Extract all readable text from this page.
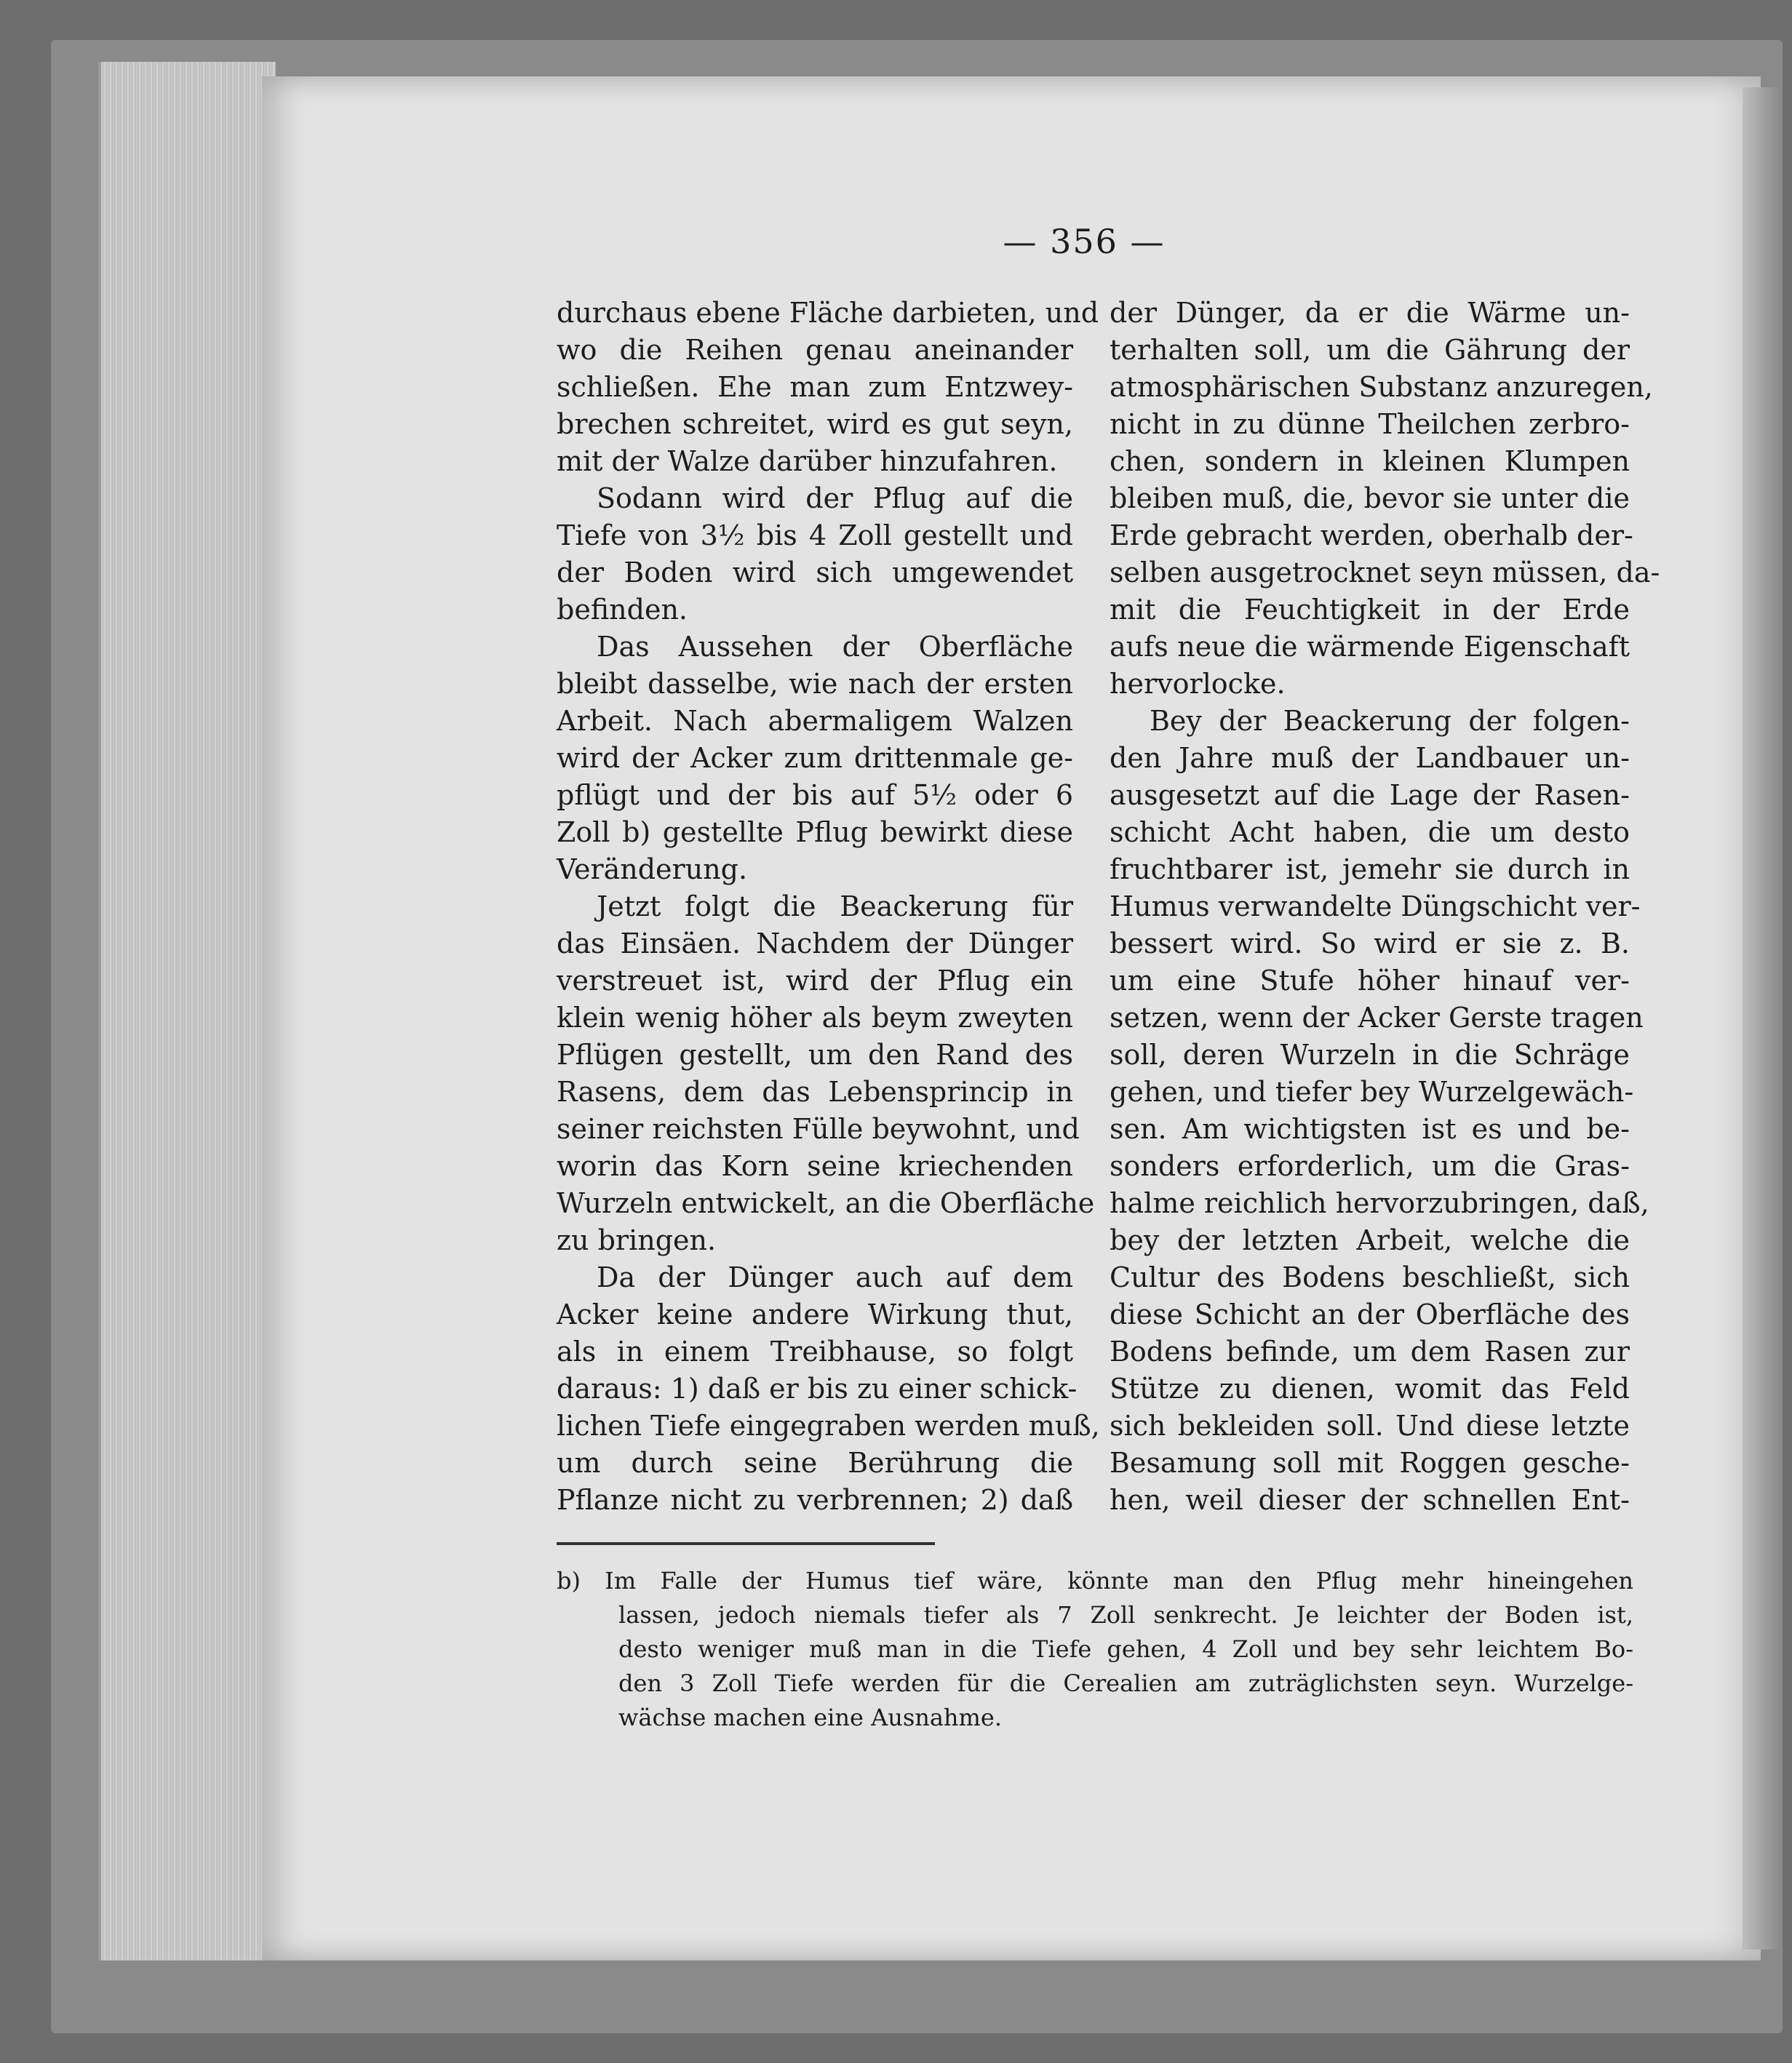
— 356 —
durchaus ebene Fläche darbieten, und
wo die Reihen genau aneinander
schließen. Ehe man zum Entzwey-
brechen schreitet, wird es gut seyn,
mit der Walze darüber hinzufahren.
Sodann wird der Pflug auf die
Tiefe von 3½ bis 4 Zoll gestellt und
der Boden wird sich umgewendet
befinden.
Das Aussehen der Oberfläche
bleibt dasselbe, wie nach der ersten
Arbeit. Nach abermaligem Walzen
wird der Acker zum drittenmale ge-
pflügt und der bis auf 5½ oder 6
Zoll b) gestellte Pflug bewirkt diese
Veränderung.
Jetzt folgt die Beackerung für
das Einsäen. Nachdem der Dünger
verstreuet ist, wird der Pflug ein
klein wenig höher als beym zweyten
Pflügen gestellt, um den Rand des
Rasens, dem das Lebensprincip in
seiner reichsten Fülle beywohnt, und
worin das Korn seine kriechenden
Wurzeln entwickelt, an die Oberfläche
zu bringen.
Da der Dünger auch auf dem
Acker keine andere Wirkung thut,
als in einem Treibhause, so folgt
daraus: 1) daß er bis zu einer schick-
lichen Tiefe eingegraben werden muß,
um durch seine Berührung die
Pflanze nicht zu verbrennen; 2) daß
der Dünger, da er die Wärme un-
terhalten soll, um die Gährung der
atmosphärischen Substanz anzuregen,
nicht in zu dünne Theilchen zerbro-
chen, sondern in kleinen Klumpen
bleiben muß, die, bevor sie unter die
Erde gebracht werden, oberhalb der-
selben ausgetrocknet seyn müssen, da-
mit die Feuchtigkeit in der Erde
aufs neue die wärmende Eigenschaft
hervorlocke.
Bey der Beackerung der folgen-
den Jahre muß der Landbauer un-
ausgesetzt auf die Lage der Rasen-
schicht Acht haben, die um desto
fruchtbarer ist, jemehr sie durch in
Humus verwandelte Düngschicht ver-
bessert wird. So wird er sie z. B.
um eine Stufe höher hinauf ver-
setzen, wenn der Acker Gerste tragen
soll, deren Wurzeln in die Schräge
gehen, und tiefer bey Wurzelgewäch-
sen. Am wichtigsten ist es und be-
sonders erforderlich, um die Gras-
halme reichlich hervorzubringen, daß,
bey der letzten Arbeit, welche die
Cultur des Bodens beschließt, sich
diese Schicht an der Oberfläche des
Bodens befinde, um dem Rasen zur
Stütze zu dienen, womit das Feld
sich bekleiden soll. Und diese letzte
Besamung soll mit Roggen gesche-
hen, weil dieser der schnellen Ent-
b) Im Falle der Humus tief wäre, könnte man den Pflug mehr hineingehen
lassen, jedoch niemals tiefer als 7 Zoll senkrecht. Je leichter der Boden ist,
desto weniger muß man in die Tiefe gehen, 4 Zoll und bey sehr leichtem Bo-
den 3 Zoll Tiefe werden für die Cerealien am zuträglichsten seyn. Wurzelge-
wächse machen eine Ausnahme.
